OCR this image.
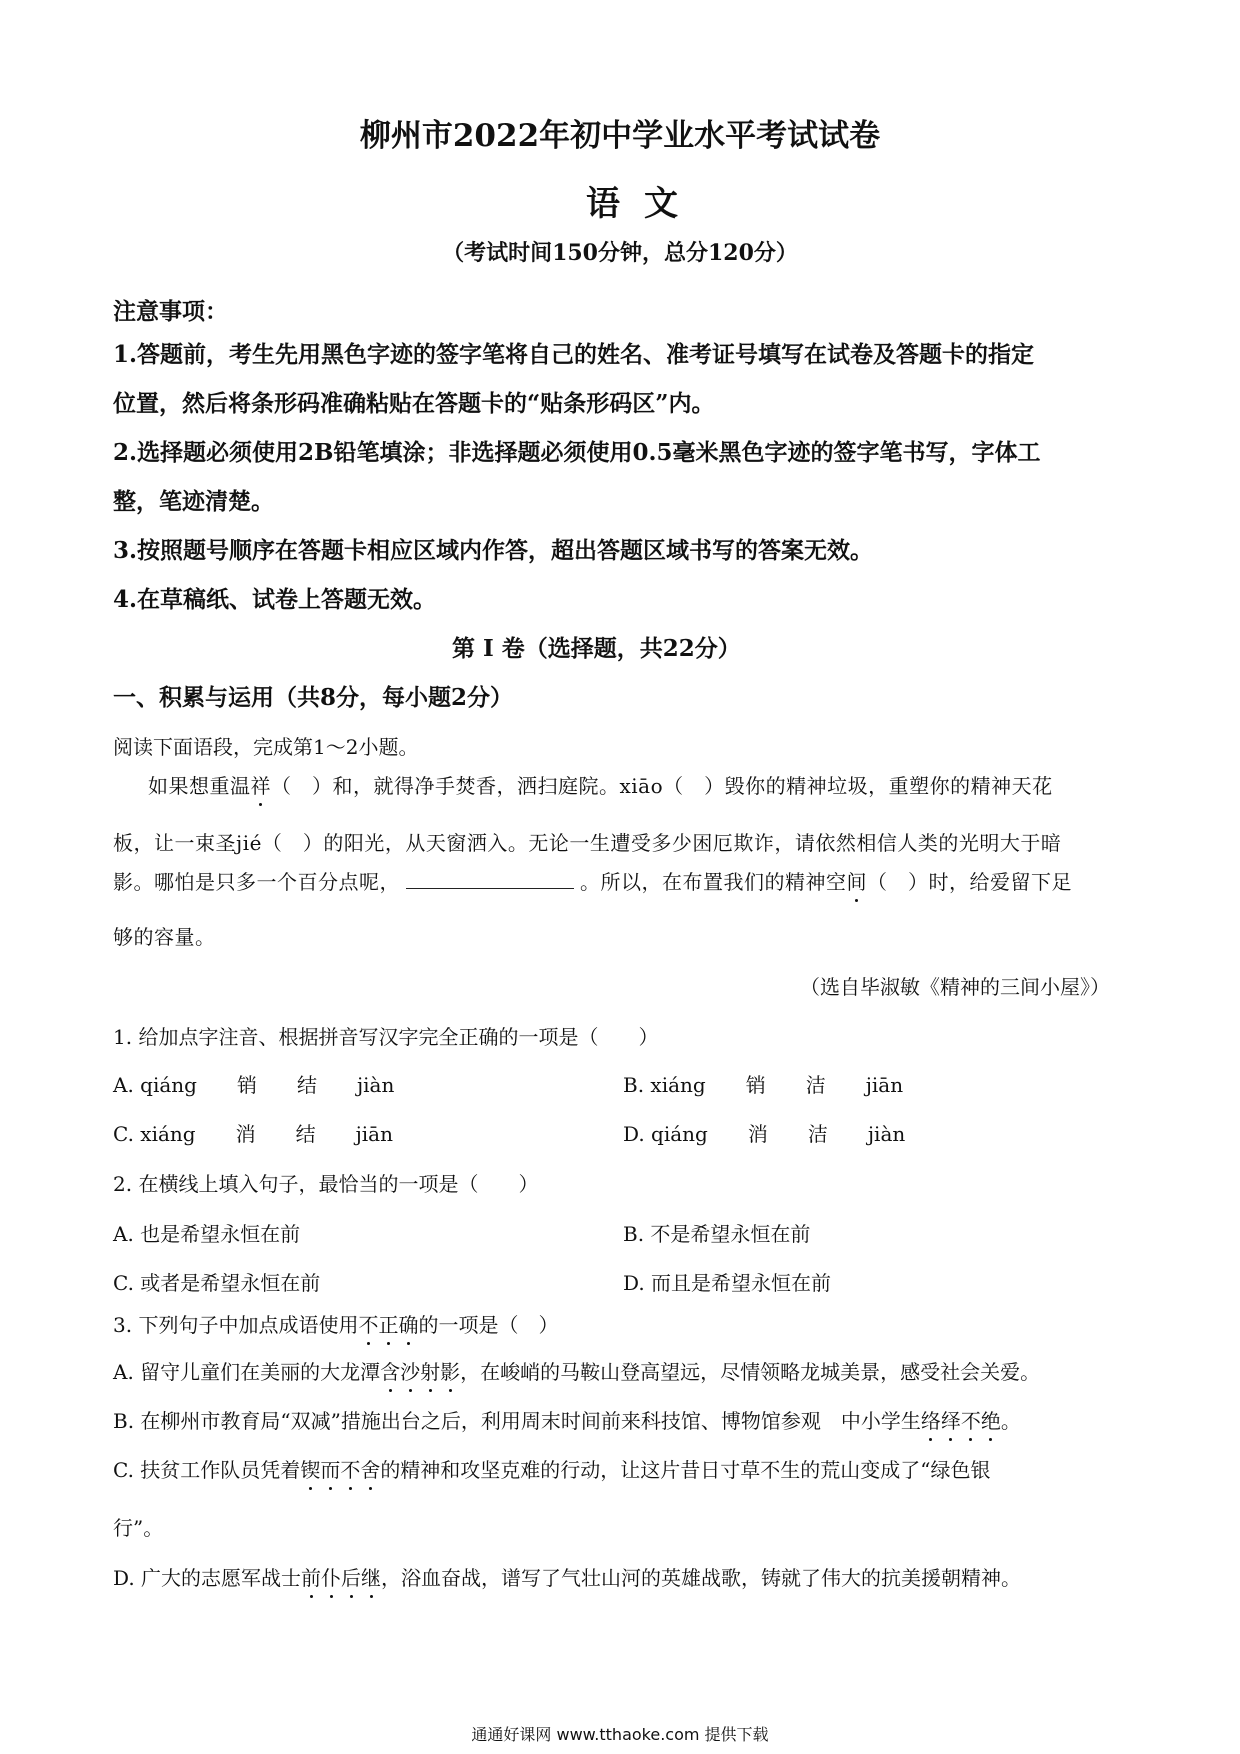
柳州市2022年初中学业水平考试试卷
语文
（考试时间150分钟，总分120分）
注意事项：
1.答题前，考生先用黑色字迹的签字笔将自己的姓名、准考证号填写在试卷及答题卡的指定
位置，然后将条形码准确粘贴在答题卡的“贴条形码区”内。
2.选择题必须使用2B铅笔填涂；非选择题必须使用0.5毫米黑色字迹的签字笔书写，字体工
整，笔迹清楚。
3.按照题号顺序在答题卡相应区域内作答，超出答题区域书写的答案无效。
4.在草稿纸、试卷上答题无效。
第 Ⅰ 卷（选择题，共22分）
一、积累与运用（共8分，每小题2分）
阅读下面语段，完成第1～2小题。
如果想重温祥（　）和，就得净手焚香，洒扫庭院。xiāo（　）毁你的精神垃圾，重塑你的精神天花
板，让一束圣jié（　）的阳光，从天窗洒入。无论一生遭受多少困厄欺诈，请依然相信人类的光明大于暗
影。哪怕是只多一个百分点呢，	。所以，在布置我们的精神空间（　）时，给爱留下足
够的容量。
（选自毕淑敏《精神的三间小屋》）
1. 给加点字注音、根据拼音写汉字完全正确的一项是（　　）
A. qiáng　　销　　结　　jiàn	B. xiáng　　销　　洁　　jiān
C. xiáng　　消　　结　　jiān	D. qiáng　　消　　洁　　jiàn
2. 在横线上填入句子，最恰当的一项是（　　）
A. 也是希望永恒在前	B. 不是希望永恒在前
C. 或者是希望永恒在前	D. 而且是希望永恒在前
3. 下列句子中加点成语使用不正确的一项是（　）
A. 留守儿童们在美丽的大龙潭含沙射影，在峻峭的马鞍山登高望远，尽情领略龙城美景，感受社会关爱。
B. 在柳州市教育局“双减”措施出台之后，利用周末时间前来科技馆、博物馆参观　中小学生络绎不绝。
C. 扶贫工作队员凭着锲而不舍的精神和攻坚克难的行动，让这片昔日寸草不生的荒山变成了“绿色银
行”。
D. 广大的志愿军战士前仆后继，浴血奋战，谱写了气壮山河的英雄战歌，铸就了伟大的抗美援朝精神。
通通好课网 www.tthaoke.com 提供下载
